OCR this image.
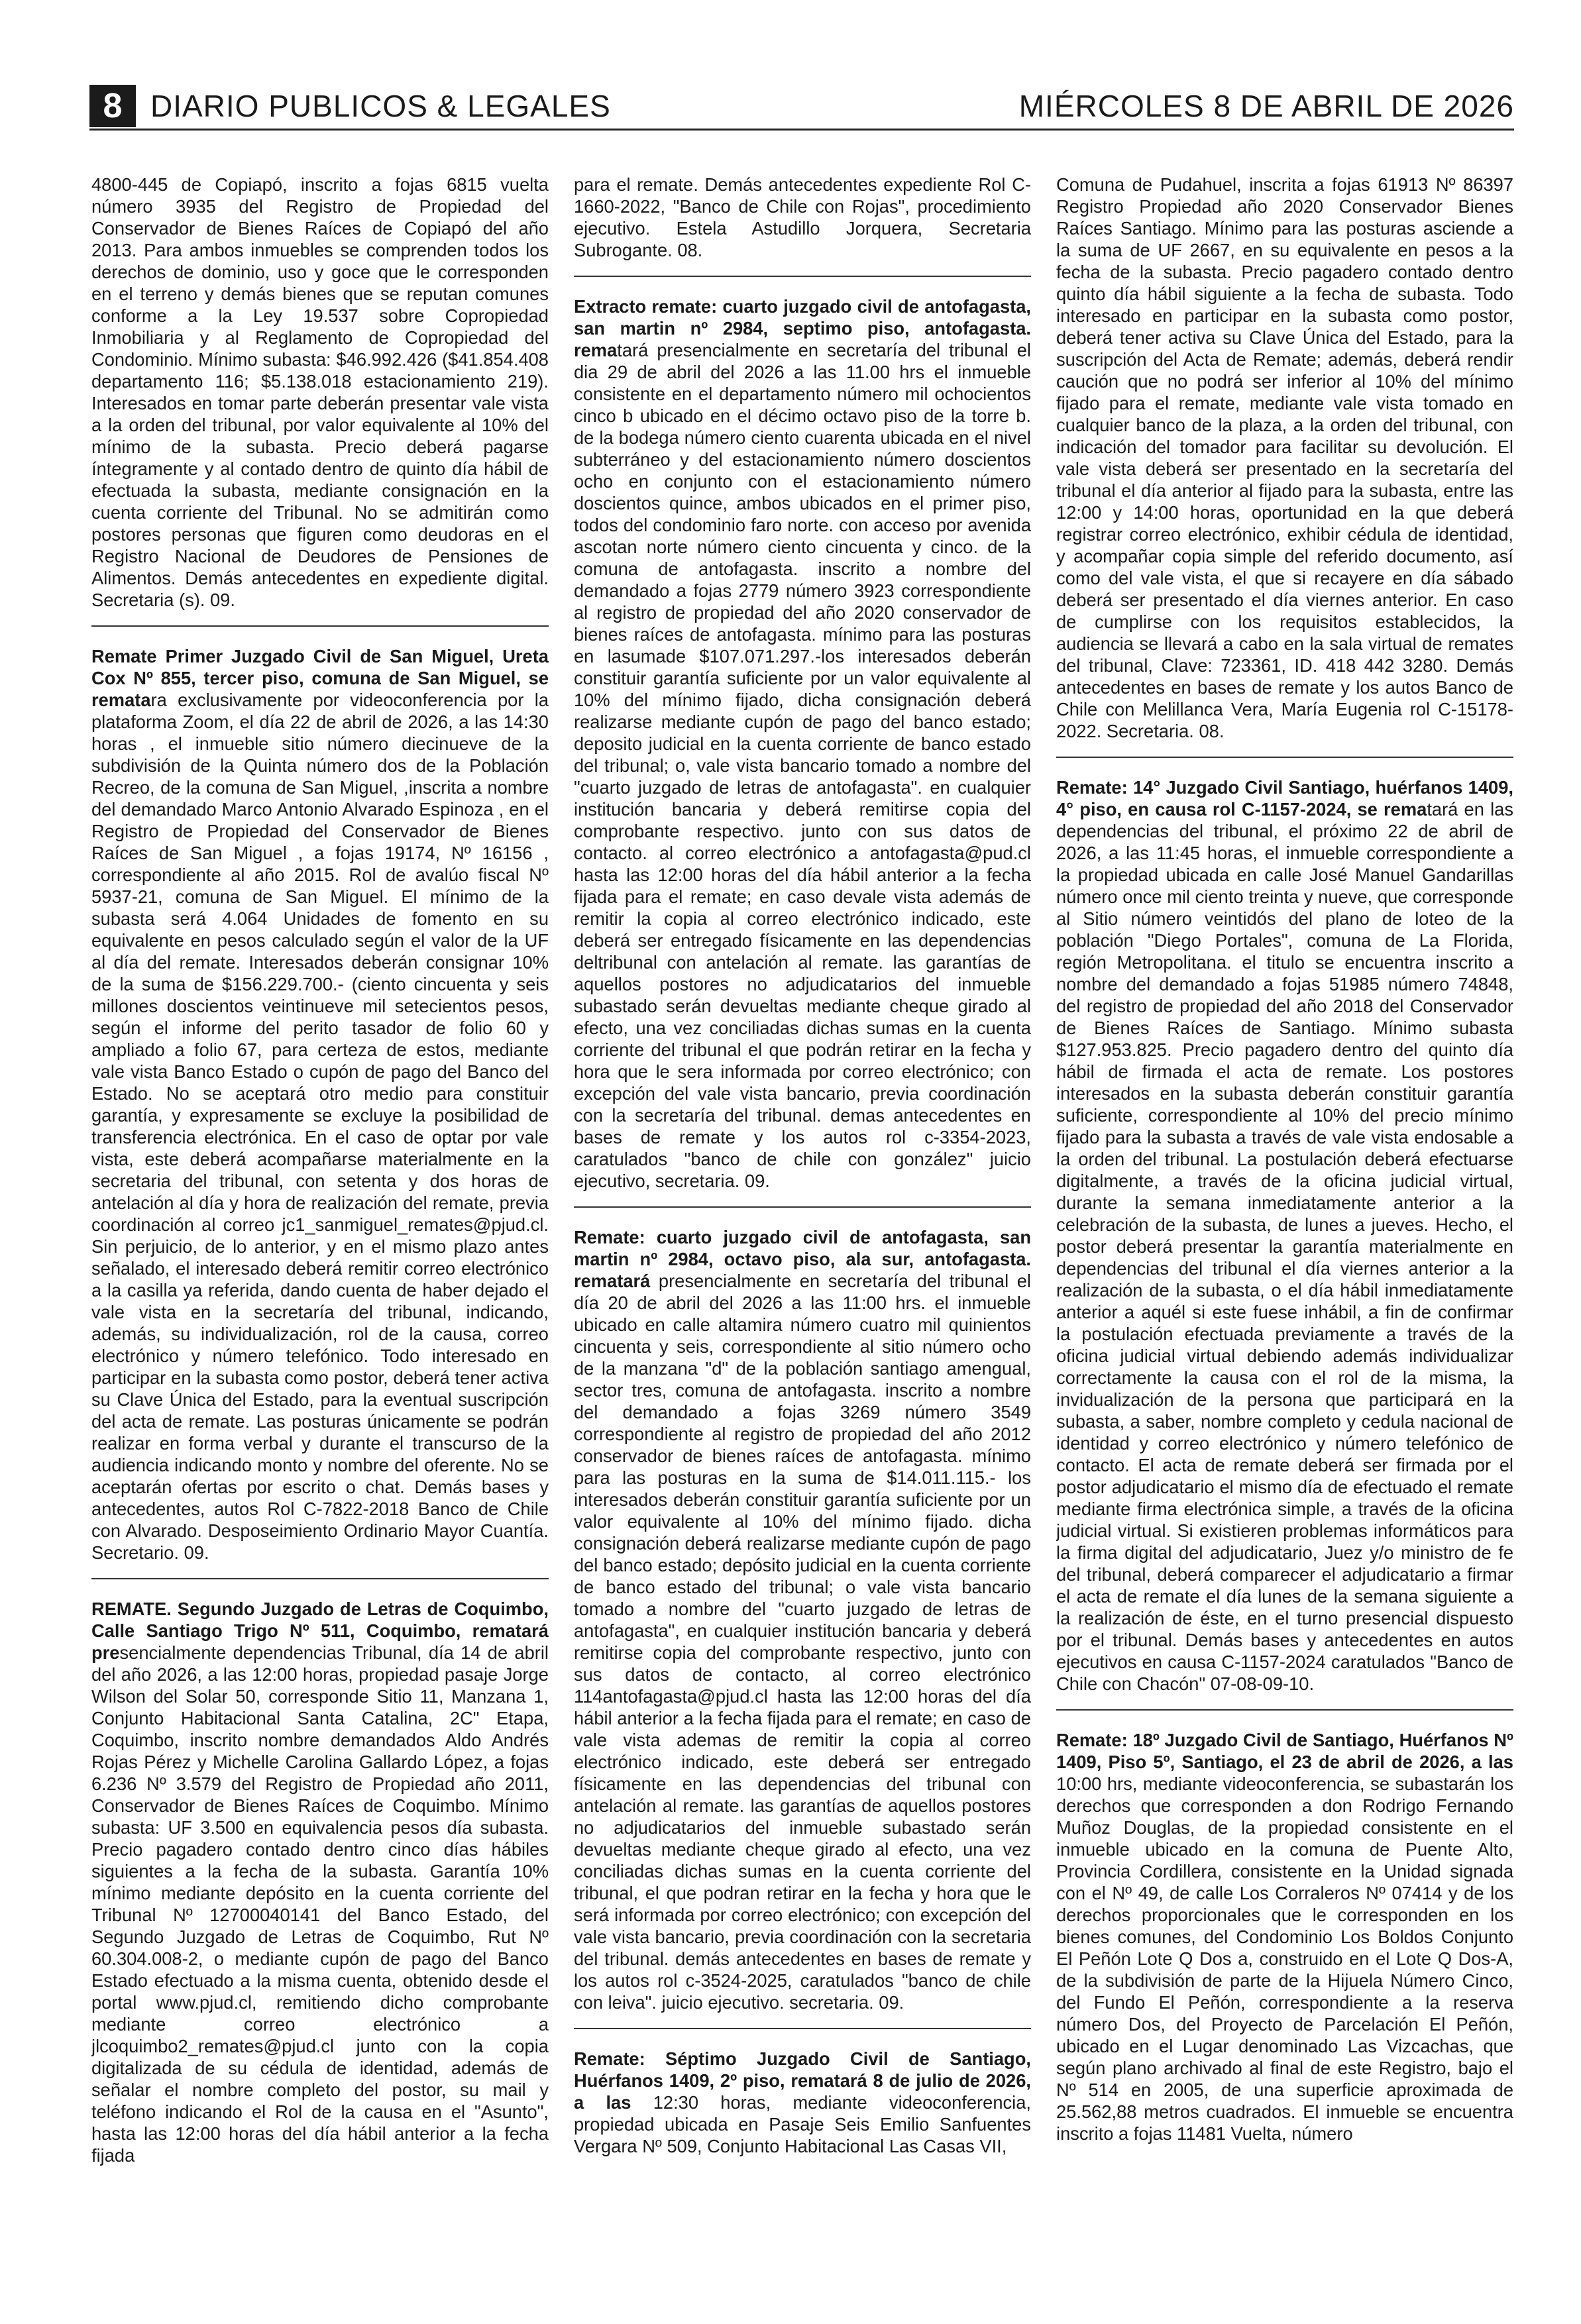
8 DIARIO PUBLICOS & LEGALES	MIÉRCOLES 8 DE ABRIL DE 2026

4800-445 de Copiapó, inscrito a fojas 6815 vuelta número 3935 del Registro de Propiedad del Conservador de Bienes Raíces de Copiapó del año 2013. Para ambos inmuebles se comprenden todos los derechos de dominio, uso y goce que le corresponden en el terreno y demás bienes que se reputan comunes conforme a la Ley 19.537 sobre Copropiedad Inmobiliaria y al Reglamento de Copropiedad del Condominio. Mínimo subasta: $46.992.426 ($41.854.408 departamento 116; $5.138.018 estacionamiento 219). Interesados en tomar parte deberán presentar vale vista a la orden del tribunal, por valor equivalente al 10% del mínimo de la subasta. Precio deberá pagarse íntegramente y al contado dentro de quinto día hábil de efectuada la subasta, mediante consignación en la cuenta corriente del Tribunal. No se admitirán como postores personas que figuren como deudoras en el Registro Nacional de Deudores de Pensiones de Alimentos. Demás antecedentes en expediente digital. Secretaria (s). 09.

Remate Primer Juzgado Civil de San Miguel, Ureta Cox Nº 855, tercer piso, comuna de San Miguel, se rematara exclusivamente por videoconferencia por la plataforma Zoom, el día 22 de abril de 2026, a las 14:30 horas , el inmueble sitio número diecinueve de la subdivisión de la Quinta número dos de la Población Recreo, de la comuna de San Miguel, ,inscrita a nombre del demandado Marco Antonio Alvarado Espinoza , en el Registro de Propiedad del Conservador de Bienes Raíces de San Miguel , a fojas 19174, Nº 16156 , correspondiente al año 2015. Rol de avalúo fiscal Nº 5937-21, comuna de San Miguel. El mínimo de la subasta será 4.064 Unidades de fomento en su equivalente en pesos calculado según el valor de la UF al día del remate. Interesados deberán consignar 10% de la suma de $156.229.700.- (ciento cincuenta y seis millones doscientos veintinueve mil setecientos pesos, según el informe del perito tasador de folio 60 y ampliado a folio 67, para certeza de estos, mediante vale vista Banco Estado o cupón de pago del Banco del Estado. No se aceptará otro medio para constituir garantía, y expresamente se excluye la posibilidad de transferencia electrónica. En el caso de optar por vale vista, este deberá acompañarse materialmente en la secretaria del tribunal, con setenta y dos horas de antelación al día y hora de realización del remate, previa coordinación al correo jc1_sanmiguel_remates@pjud.cl. Sin perjuicio, de lo anterior, y en el mismo plazo antes señalado, el interesado deberá remitir correo electrónico a la casilla ya referida, dando cuenta de haber dejado el vale vista en la secretaría del tribunal, indicando, además, su individualización, rol de la causa, correo electrónico y número telefónico. Todo interesado en participar en la subasta como postor, deberá tener activa su Clave Única del Estado, para la eventual suscripción del acta de remate. Las posturas únicamente se podrán realizar en forma verbal y durante el transcurso de la audiencia indicando monto y nombre del oferente. No se aceptarán ofertas por escrito o chat. Demás bases y antecedentes, autos Rol C-7822-2018 Banco de Chile con Alvarado. Desposeimiento Ordinario Mayor Cuantía. Secretario. 09.

REMATE. Segundo Juzgado de Letras de Coquimbo, Calle Santiago Trigo Nº 511, Coquimbo, rematará presencialmente dependencias Tribunal, día 14 de abril del año 2026, a las 12:00 horas, propiedad pasaje Jorge Wilson del Solar 50, corresponde Sitio 11, Manzana 1, Conjunto Habitacional Santa Catalina, 2C" Etapa, Coquimbo, inscrito nombre demandados Aldo Andrés Rojas Pérez y Michelle Carolina Gallardo López, a fojas 6.236 Nº 3.579 del Registro de Propiedad año 2011, Conservador de Bienes Raíces de Coquimbo. Mínimo subasta: UF 3.500 en equivalencia pesos día subasta. Precio pagadero contado dentro cinco días hábiles siguientes a la fecha de la subasta. Garantía 10% mínimo mediante depósito en la cuenta corriente del Tribunal Nº 12700040141 del Banco Estado, del Segundo Juzgado de Letras de Coquimbo, Rut Nº 60.304.008-2, o mediante cupón de pago del Banco Estado efectuado a la misma cuenta, obtenido desde el portal www.pjud.cl, remitiendo dicho comprobante mediante correo electrónico a jlcoquimbo2_remates@pjud.cl junto con la copia digitalizada de su cédula de identidad, además de señalar el nombre completo del postor, su mail y teléfono indicando el Rol de la causa en el "Asunto", hasta las 12:00 horas del día hábil anterior a la fecha fijada

para el remate. Demás antecedentes expediente Rol C-1660-2022, "Banco de Chile con Rojas", procedimiento ejecutivo. Estela Astudillo Jorquera, Secretaria Subrogante. 08.

Extracto remate: cuarto juzgado civil de antofagasta, san martin nº 2984, septimo piso, antofagasta. rematará presencialmente en secretaría del tribunal el dia 29 de abril del 2026 a las 11.00 hrs el inmueble consistente en el departamento número mil ochocientos cinco b ubicado en el décimo octavo piso de la torre b. de la bodega número ciento cuarenta ubicada en el nivel subterráneo y del estacionamiento número doscientos ocho en conjunto con el estacionamiento número doscientos quince, ambos ubicados en el primer piso, todos del condominio faro norte. con acceso por avenida ascotan norte número ciento cincuenta y cinco. de la comuna de antofagasta. inscrito a nombre del demandado a fojas 2779 número 3923 correspondiente al registro de propiedad del año 2020 conservador de bienes raíces de antofagasta. mínimo para las posturas en lasumade $107.071.297.-los interesados deberán constituir garantía suficiente por un valor equivalente al 10% del mínimo fijado, dicha consignación deberá realizarse mediante cupón de pago del banco estado; deposito judicial en la cuenta corriente de banco estado del tribunal; o, vale vista bancario tomado a nombre del "cuarto juzgado de letras de antofagasta". en cualquier institución bancaria y deberá remitirse copia del comprobante respectivo. junto con sus datos de contacto. al correo electrónico a antofagasta@pud.cl hasta las 12:00 horas del día hábil anterior a la fecha fijada para el remate; en caso devale vista además de remitir la copia al correo electrónico indicado, este deberá ser entregado físicamente en las dependencias deltribunal con antelación al remate. las garantías de aquellos postores no adjudicatarios del inmueble subastado serán devueltas mediante cheque girado al efecto, una vez conciliadas dichas sumas en la cuenta corriente del tribunal el que podrán retirar en la fecha y hora que le sera informada por correo electrónico; con excepción del vale vista bancario, previa coordinación con la secretaría del tribunal. demas antecedentes en bases de remate y los autos rol c-3354-2023, caratulados "banco de chile con gonzález" juicio ejecutivo, secretaria. 09.

Remate: cuarto juzgado civil de antofagasta, san martin nº 2984, octavo piso, ala sur, antofagasta. rematará presencialmente en secretaría del tribunal el día 20 de abril del 2026 a las 11:00 hrs. el inmueble ubicado en calle altamira número cuatro mil quinientos cincuenta y seis, correspondiente al sitio número ocho de la manzana "d" de la población santiago amengual, sector tres, comuna de antofagasta. inscrito a nombre del demandado a fojas 3269 número 3549 correspondiente al registro de propiedad del año 2012 conservador de bienes raíces de antofagasta. mínimo para las posturas en la suma de $14.011.115.- los interesados deberán constituir garantía suficiente por un valor equivalente al 10% del mínimo fijado. dicha consignación deberá realizarse mediante cupón de pago del banco estado; depósito judicial en la cuenta corriente de banco estado del tribunal; o vale vista bancario tomado a nombre del "cuarto juzgado de letras de antofagasta", en cualquier institución bancaria y deberá remitirse copia del comprobante respectivo, junto con sus datos de contacto, al correo electrónico 114antofagasta@pjud.cl hasta las 12:00 horas del día hábil anterior a la fecha fijada para el remate; en caso de vale vista ademas de remitir la copia al correo electrónico indicado, este deberá ser entregado físicamente en las dependencias del tribunal con antelación al remate. las garantías de aquellos postores no adjudicatarios del inmueble subastado serán devueltas mediante cheque girado al efecto, una vez conciliadas dichas sumas en la cuenta corriente del tribunal, el que podran retirar en la fecha y hora que le será informada por correo electrónico; con excepción del vale vista bancario, previa coordinación con la secretaria del tribunal. demás antecedentes en bases de remate y los autos rol c-3524-2025, caratulados "banco de chile con leiva". juicio ejecutivo. secretaria. 09.

Remate: Séptimo Juzgado Civil de Santiago, Huérfanos 1409, 2º piso, rematará 8 de julio de 2026, a las 12:30 horas, mediante videoconferencia, propiedad ubicada en Pasaje Seis Emilio Sanfuentes Vergara Nº 509, Conjunto Habitacional Las Casas VII,

Comuna de Pudahuel, inscrita a fojas 61913 Nº 86397 Registro Propiedad año 2020 Conservador Bienes Raíces Santiago. Mínimo para las posturas asciende a la suma de UF 2667, en su equivalente en pesos a la fecha de la subasta. Precio pagadero contado dentro quinto día hábil siguiente a la fecha de subasta. Todo interesado en participar en la subasta como postor, deberá tener activa su Clave Única del Estado, para la suscripción del Acta de Remate; además, deberá rendir caución que no podrá ser inferior al 10% del mínimo fijado para el remate, mediante vale vista tomado en cualquier banco de la plaza, a la orden del tribunal, con indicación del tomador para facilitar su devolución. El vale vista deberá ser presentado en la secretaría del tribunal el día anterior al fijado para la subasta, entre las 12:00 y 14:00 horas, oportunidad en la que deberá registrar correo electrónico, exhibir cédula de identidad, y acompañar copia simple del referido documento, así como del vale vista, el que si recayere en día sábado deberá ser presentado el día viernes anterior. En caso de cumplirse con los requisitos establecidos, la audiencia se llevará a cabo en la sala virtual de remates del tribunal, Clave: 723361, ID. 418 442 3280. Demás antecedentes en bases de remate y los autos Banco de Chile con Melillanca Vera, María Eugenia rol C-15178-2022. Secretaria. 08.

Remate: 14° Juzgado Civil Santiago, huérfanos 1409, 4° piso, en causa rol C-1157-2024, se rematará en las dependencias del tribunal, el próximo 22 de abril de 2026, a las 11:45 horas, el inmueble correspondiente a la propiedad ubicada en calle José Manuel Gandarillas número once mil ciento treinta y nueve, que corresponde al Sitio número veintidós del plano de loteo de la población "Diego Portales", comuna de La Florida, región Metropolitana. el titulo se encuentra inscrito a nombre del demandado a fojas 51985 número 74848, del registro de propiedad del año 2018 del Conservador de Bienes Raíces de Santiago. Mínimo subasta $127.953.825. Precio pagadero dentro del quinto día hábil de firmada el acta de remate. Los postores interesados en la subasta deberán constituir garantía suficiente, correspondiente al 10% del precio mínimo fijado para la subasta a través de vale vista endosable a la orden del tribunal. La postulación deberá efectuarse digitalmente, a través de la oficina judicial virtual, durante la semana inmediatamente anterior a la celebración de la subasta, de lunes a jueves. Hecho, el postor deberá presentar la garantía materialmente en dependencias del tribunal el día viernes anterior a la realización de la subasta, o el día hábil inmediatamente anterior a aquél si este fuese inhábil, a fin de confirmar la postulación efectuada previamente a través de la oficina judicial virtual debiendo además individualizar correctamente la causa con el rol de la misma, la invidualización de la persona que participará en la subasta, a saber, nombre completo y cedula nacional de identidad y correo electrónico y número telefónico de contacto. El acta de remate deberá ser firmada por el postor adjudicatario el mismo día de efectuado el remate mediante firma electrónica simple, a través de la oficina judicial virtual. Si existieren problemas informáticos para la firma digital del adjudicatario, Juez y/o ministro de fe del tribunal, deberá comparecer el adjudicatario a firmar el acta de remate el día lunes de la semana siguiente a la realización de éste, en el turno presencial dispuesto por el tribunal. Demás bases y antecedentes en autos ejecutivos en causa C-1157-2024 caratulados "Banco de Chile con Chacón" 07-08-09-10.

Remate: 18º Juzgado Civil de Santiago, Huérfanos Nº 1409, Piso 5º, Santiago, el 23 de abril de 2026, a las 10:00 hrs, mediante videoconferencia, se subastarán los derechos que corresponden a don Rodrigo Fernando Muñoz Douglas, de la propiedad consistente en el inmueble ubicado en la comuna de Puente Alto, Provincia Cordillera, consistente en la Unidad signada con el Nº 49, de calle Los Corraleros Nº 07414 y de los derechos proporcionales que le corresponden en los bienes comunes, del Condominio Los Boldos Conjunto El Peñón Lote Q Dos a, construido en el Lote Q Dos-A, de la subdivisión de parte de la Hijuela Número Cinco, del Fundo El Peñón, correspondiente a la reserva número Dos, del Proyecto de Parcelación El Peñón, ubicado en el Lugar denominado Las Vizcachas, que según plano archivado al final de este Registro, bajo el Nº 514 en 2005, de una superficie aproximada de 25.562,88 metros cuadrados. El inmueble se encuentra inscrito a fojas 11481 Vuelta, número
